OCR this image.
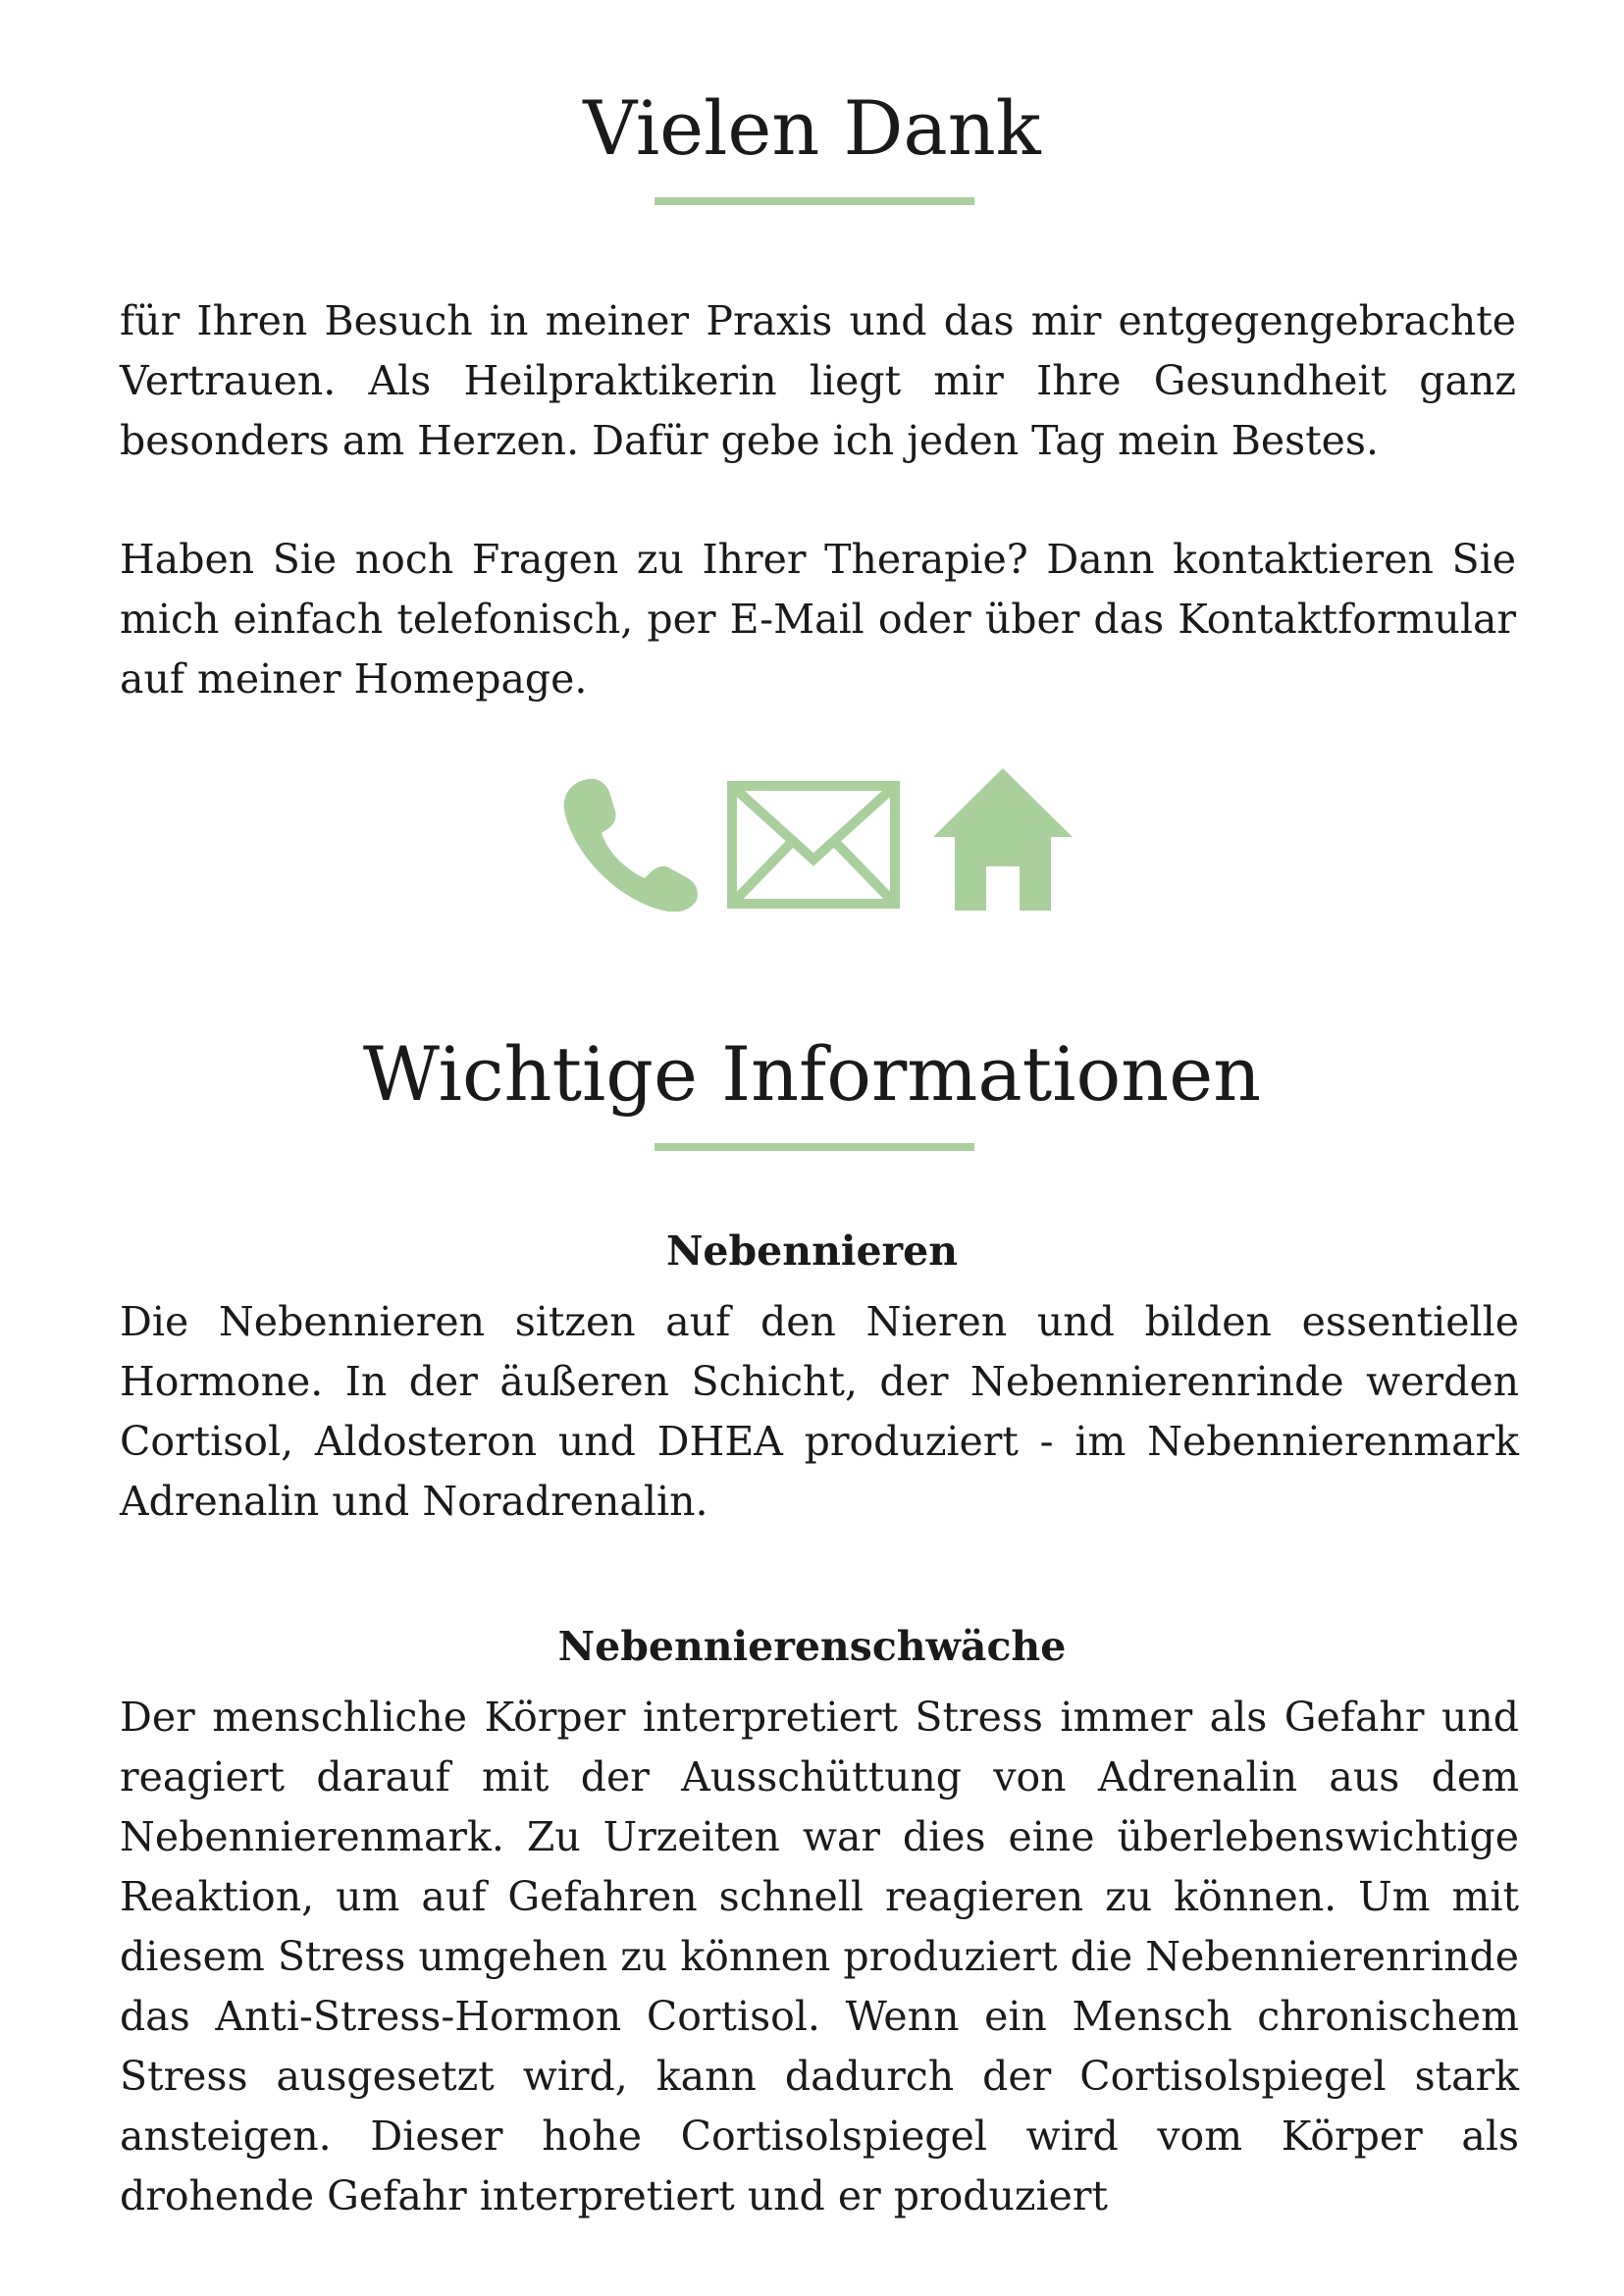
Vielen Dank

für Ihren Besuch in meiner Praxis und das mir entgegengebrachte Vertrauen. Als Heilpraktikerin liegt mir Ihre Gesundheit ganz besonders am Herzen. Dafür gebe ich jeden Tag mein Bestes.

Haben Sie noch Fragen zu Ihrer Therapie? Dann kontaktieren Sie mich einfach telefonisch, per E-Mail oder über das Kontaktformular auf meiner Homepage.

Wichtige Informationen
Nebennieren

Die Nebennieren sitzen auf den Nieren und bilden essentielle Hormone. In der äußeren Schicht, der Nebennierenrinde werden Cortisol, Aldosteron und DHEA produziert - im Nebennierenmark Adrenalin und Noradrenalin.

Nebennierenschwäche

Der menschliche Körper interpretiert Stress immer als Gefahr und reagiert darauf mit der Ausschüttung von Adrenalin aus dem Nebennierenmark. Zu Urzeiten war dies eine überlebenswichtige Reaktion, um auf Gefahren schnell reagieren zu können. Um mit diesem Stress umgehen zu können produziert die Nebennierenrinde das Anti-Stress-Hormon Cortisol. Wenn ein Mensch chronischem Stress ausgesetzt wird, kann dadurch der Cortisolspiegel stark ansteigen. Dieser hohe Cortisolspiegel wird vom Körper als drohende Gefahr interpretiert und er produziert
